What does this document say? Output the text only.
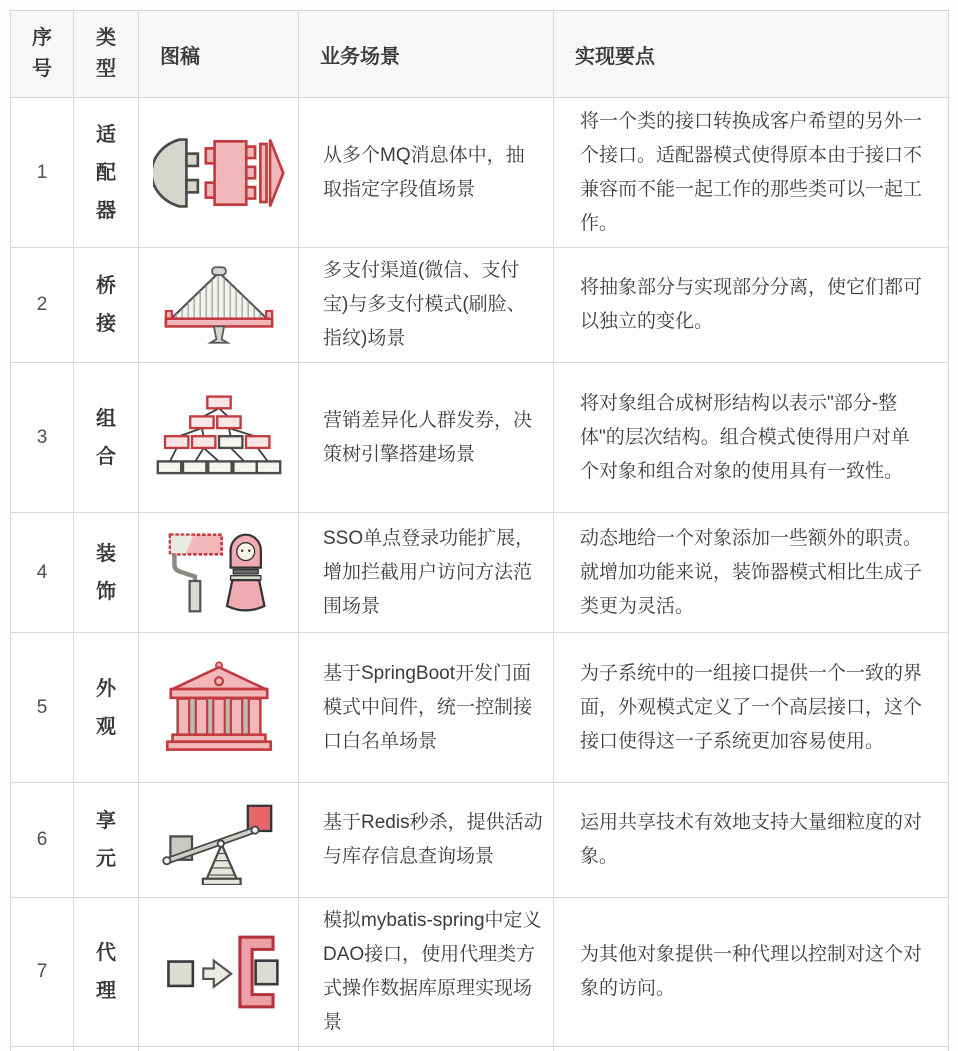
序号	类型	图稿	业务场景	实现要点
1	适配器		从多个MQ消息体中，抽取指定字段值场景	将一个类的接口转换成客户希望的另外一个接口。适配器模式使得原本由于接口不兼容而不能一起工作的那些类可以一起工作。

2	桥接		多支付渠道(微信、支付宝)与多支付模式(刷脸、指纹)场景	将抽象部分与实现部分分离，使它们都可以独立的变化。

3	组合		营销差异化人群发券，决策树引擎搭建场景	将对象组合成树形结构以表示"部分-整体"的层次结构。组合模式使得用户对单个对象和组合对象的使用具有一致性。

4	装饰		SSO单点登录功能扩展，增加拦截用户访问方法范围场景	动态地给一个对象添加一些额外的职责。就增加功能来说，装饰器模式相比生成子类更为灵活。

5	外观		基于SpringBoot开发门面模式中间件，统一控制接口白名单场景	为子系统中的一组接口提供一个一致的界面，外观模式定义了一个高层接口，这个接口使得这一子系统更加容易使用。

6	享元		基于Redis秒杀，提供活动与库存信息查询场景	运用共享技术有效地支持大量细粒度的对象。

7	代理		模拟mybatis-spring中定义DAO接口，使用代理类方式操作数据库原理实现场景	为其他对象提供一种代理以控制对这个对象的访问。
